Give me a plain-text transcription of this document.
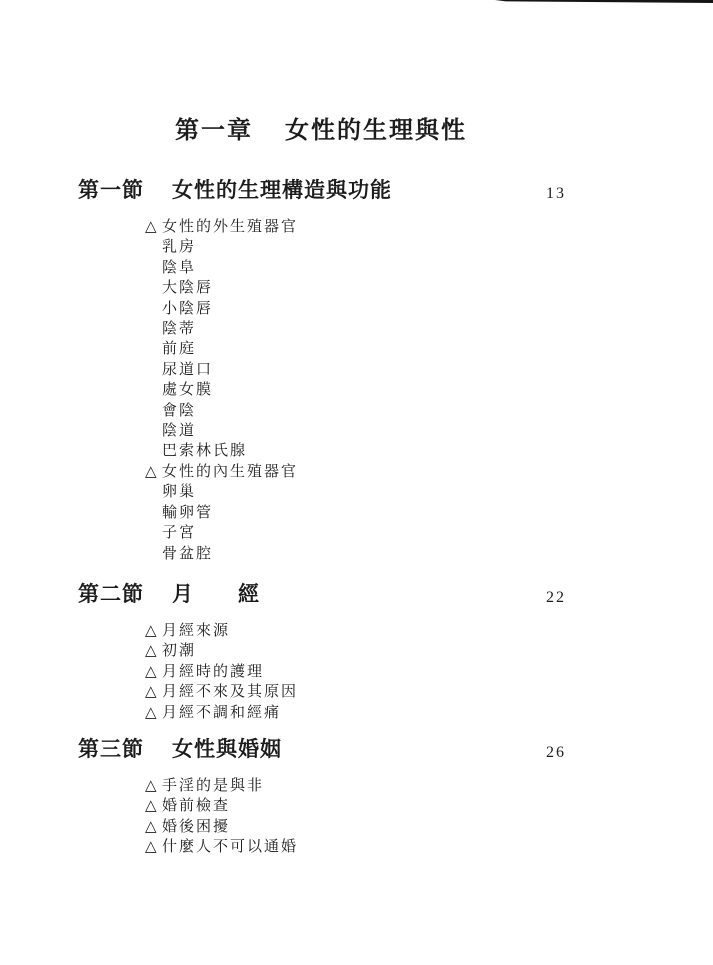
第一章 女性的生理與性
第一節 女性的生理構造與功能	13
△ 女性的外生殖器官
乳房
陰阜
大陰唇
小陰唇
陰蒂
前庭
尿道口
處女膜
會陰
陰道
巴索林氏腺
△ 女性的內生殖器官
卵巢
輸卵管
子宮
骨盆腔
第二節 月　　經	22
△ 月經來源
△ 初潮
△ 月經時的護理
△ 月經不來及其原因
△ 月經不調和經痛
第三節 女性與婚姻	26
△ 手淫的是與非
△ 婚前檢查
△ 婚後困擾
△ 什麼人不可以通婚
